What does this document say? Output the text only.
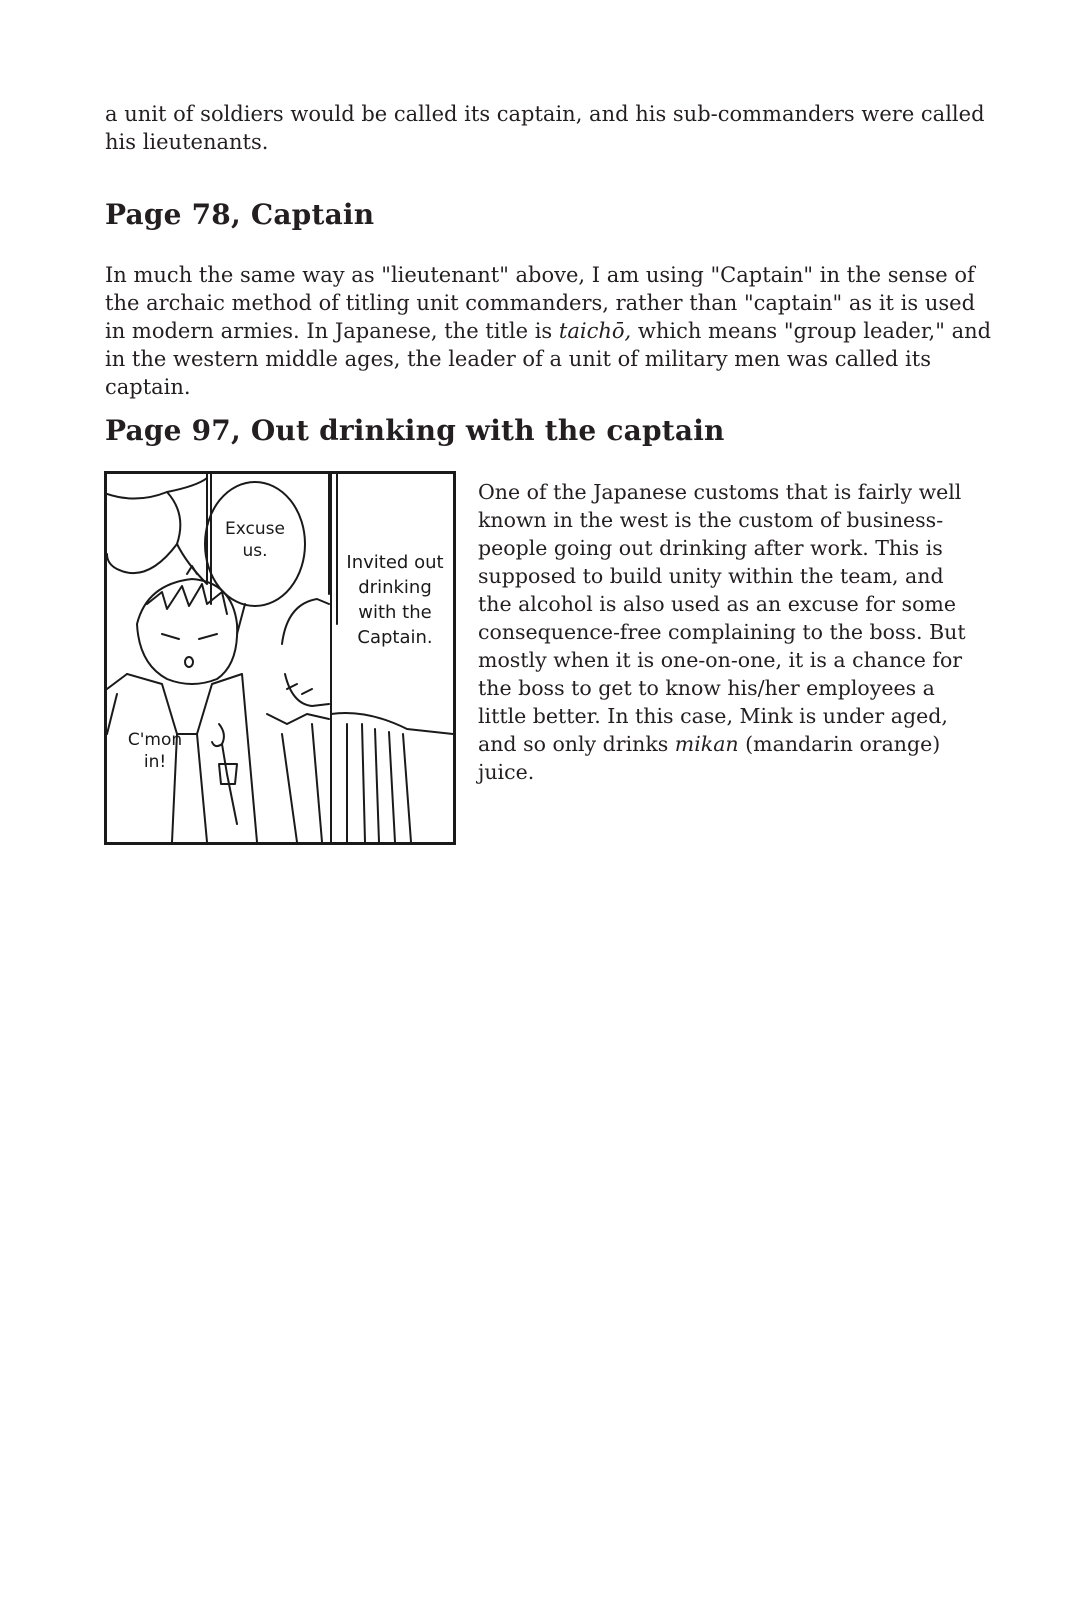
a unit of soldiers would be called its captain, and his sub-commanders were called his lieutenants.

Page 78, Captain

In much the same way as "lieutenant" above, I am using "Captain" in the sense of the archaic method of titling unit commanders, rather than "captain" as it is used in modern armies. In Japanese, the title is taichō, which means "group leader," and in the western middle ages, the leader of a unit of military men was called its captain.

Page 97, Out drinking with the captain
Excuse us.
Invited out drinking with the Captain.
C'mon in!

One of the Japanese customs that is fairly well known in the west is the custom of business-people going out drinking after work. This is supposed to build unity within the team, and the alcohol is also used as an excuse for some consequence-free complaining to the boss. But mostly when it is one-on-one, it is a chance for the boss to get to know his/her employees a little better. In this case, Mink is under aged, and so only drinks mikan (mandarin orange) juice.
